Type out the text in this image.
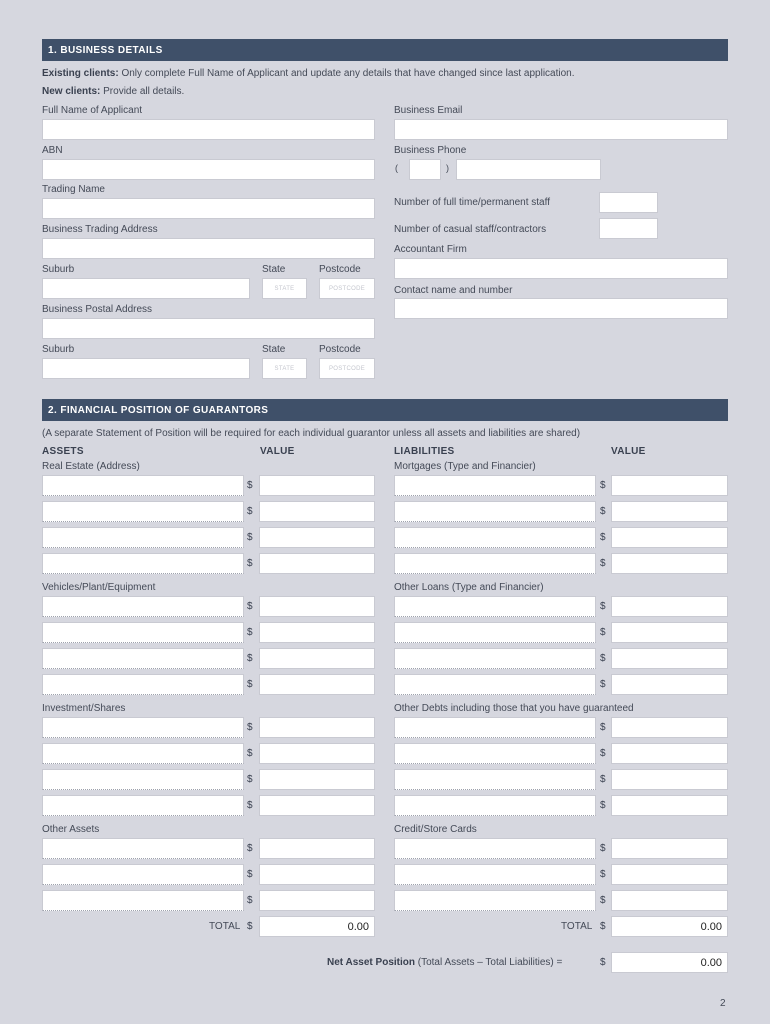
1. BUSINESS DETAILS
Existing clients: Only complete Full Name of Applicant and update any details that have changed since last application.
New clients: Provide all details.
Full Name of Applicant
ABN
Trading Name
Business Trading Address
Suburb	State	Postcode
STATE	POSTCODE
Business Postal Address
Suburb	State	Postcode
STATE	POSTCODE
Business Email
Business Phone
(	)
Number of full time/permanent staff
Number of casual staff/contractors
Accountant Firm
Contact name and number
2. FINANCIAL POSITION OF GUARANTORS
(A separate Statement of Position will be required for each individual guarantor unless all assets and liabilities are shared)
ASSETS	VALUE	LIABILITIES	VALUE
Real Estate (Address)	Mortgages (Type and Financier)
Vehicles/Plant/Equipment	Other Loans (Type and Financier)
Investment/Shares	Other Debts including those that you have guaranteed
Other Assets	Credit/Store Cards
$	$
$	$
$	$
$	$
$	$
$	$
$	$
$	$
$	$
$	$
$	$
$	$
$	$
$	$
$	$
TOTAL $	0.00	TOTAL $	0.00
Net Asset Position (Total Assets – Total Liabilities) =	$	0.00
2
